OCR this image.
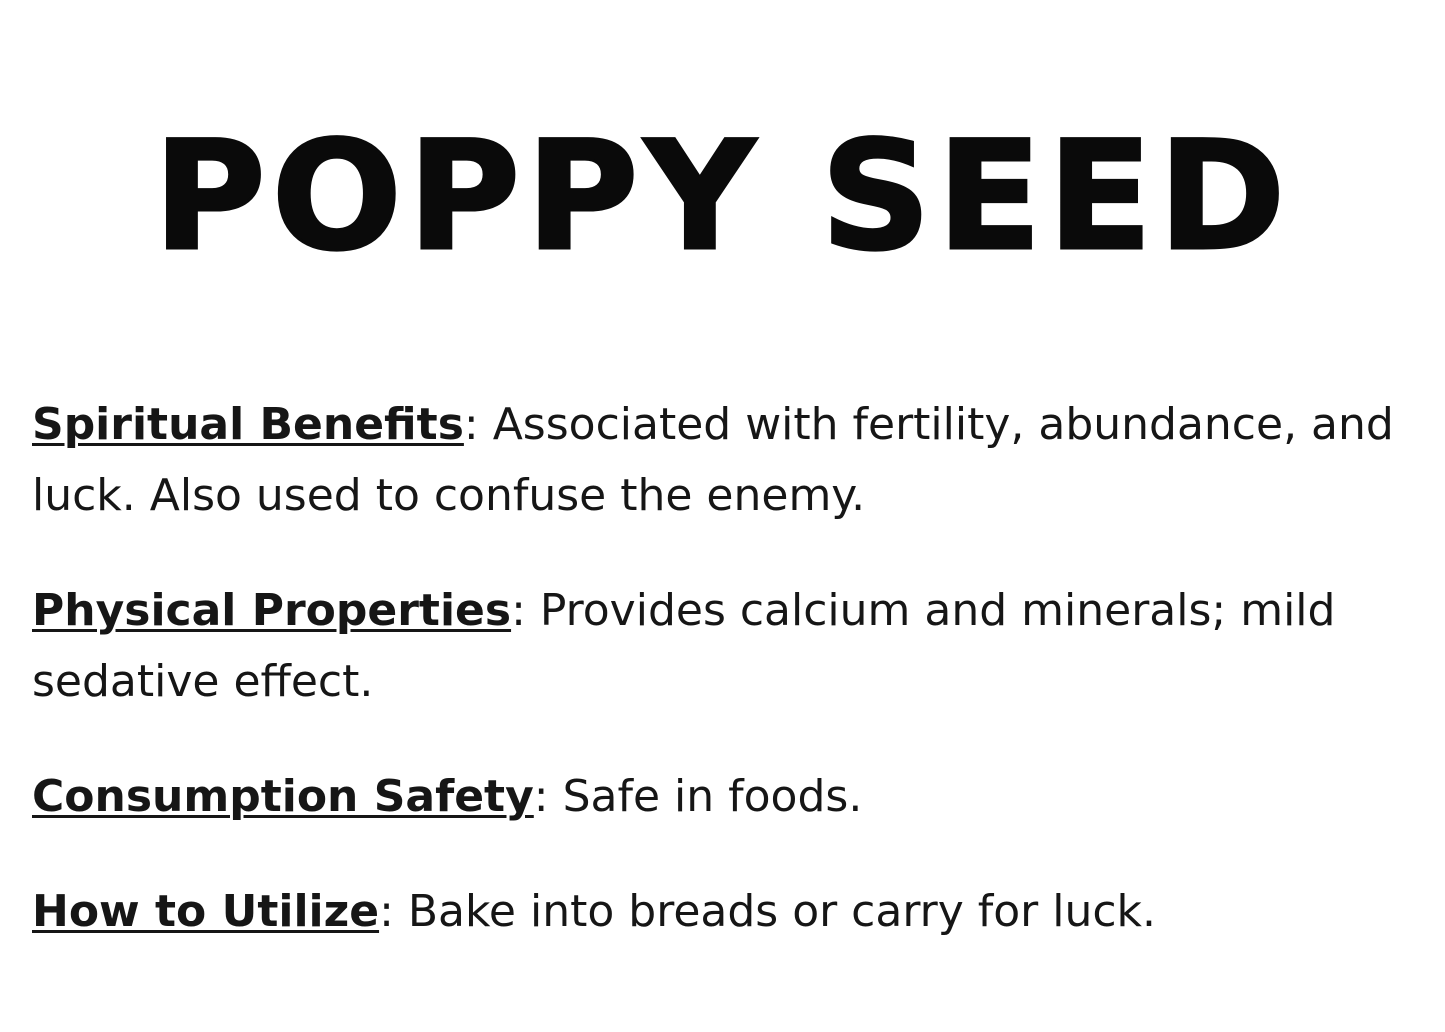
POPPY SEED

Spiritual Benefits: Associated with fertility, abundance, and luck. Also used to confuse the enemy.

Physical Properties: Provides calcium and minerals; mild sedative effect.

Consumption Safety: Safe in foods.

How to Utilize: Bake into breads or carry for luck.
